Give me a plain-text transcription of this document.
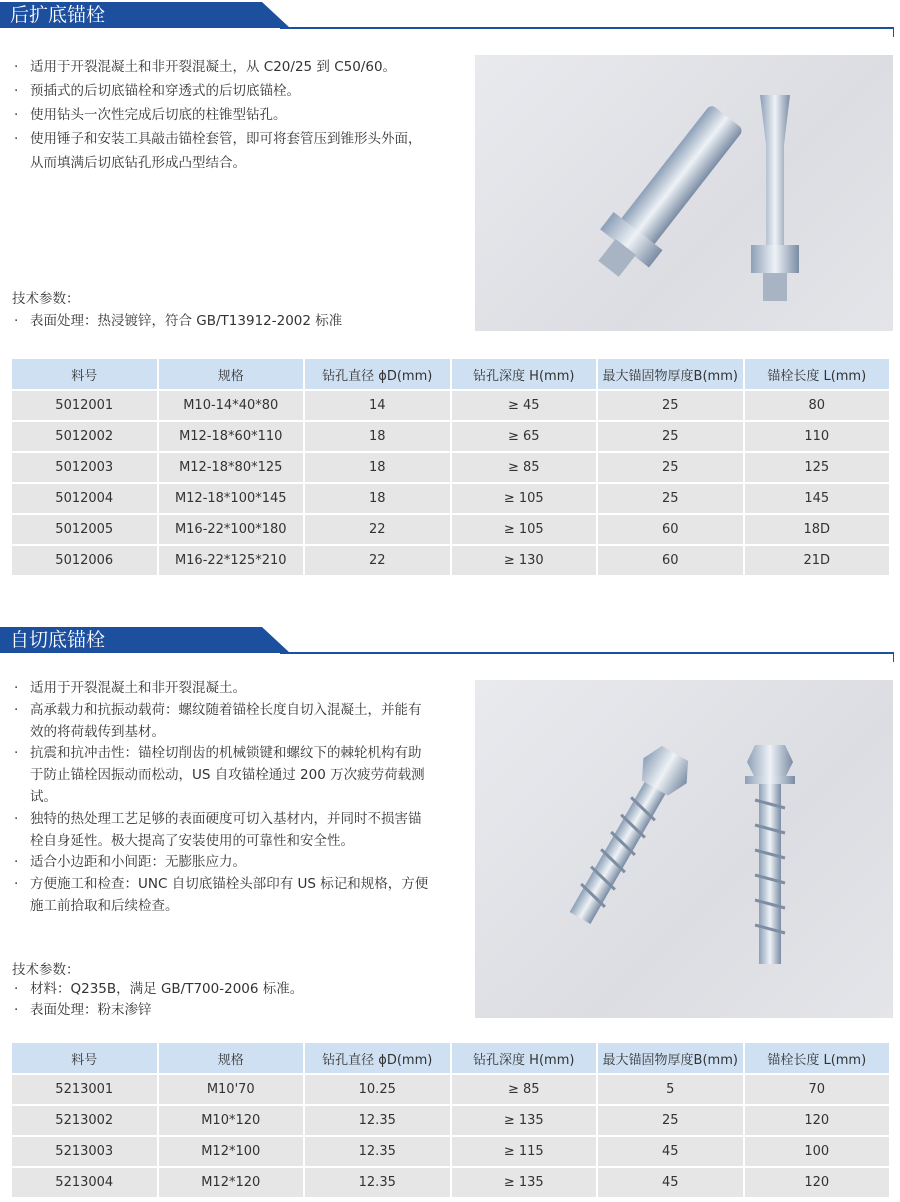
后扩底锚栓
· 适用于开裂混凝土和非开裂混凝土，从 C20/25 到 C50/60。
· 预插式的后切底锚栓和穿透式的后切底锚栓。
· 使用钻头一次性完成后切底的柱锥型钻孔。
· 使用锤子和安装工具敲击锚栓套管，即可将套管压到锥形头外面，从而填满后切底钻孔形成凸型结合。
技术参数：
· 表面处理：热浸镀锌，符合 GB/T13912-2002 标准
料号	规格	钻孔直径 ϕD(mm)	钻孔深度 H(mm)	最大锚固物厚度B(mm)	锚栓长度 L(mm)
5012001	M10-14*40*80	14	≥ 45	25	80
5012002	M12-18*60*110	18	≥ 65	25	110
5012003	M12-18*80*125	18	≥ 85	25	125
5012004	M12-18*100*145	18	≥ 105	25	145
5012005	M16-22*100*180	22	≥ 105	60	18D
5012006	M16-22*125*210	22	≥ 130	60	21D
自切底锚栓
· 适用于开裂混凝土和非开裂混凝土。
· 高承载力和抗振动载荷：螺纹随着锚栓长度自切入混凝土，并能有效的将荷载传到基材。
· 抗震和抗冲击性：锚栓切削齿的机械锁键和螺纹下的棘轮机构有助于防止锚栓因振动而松动，US 自攻锚栓通过 200 万次疲劳荷载测试。
· 独特的热处理工艺足够的表面硬度可切入基材内，并同时不损害锚栓自身延性。极大提高了安装使用的可靠性和安全性。
· 适合小边距和小间距：无膨胀应力。
· 方便施工和检查：UNC 自切底锚栓头部印有 US 标记和规格，方便施工前拾取和后续检查。
技术参数：
· 材料：Q235B，满足 GB/T700-2006 标准。
· 表面处理：粉末渗锌
料号	规格	钻孔直径 ϕD(mm)	钻孔深度 H(mm)	最大锚固物厚度B(mm)	锚栓长度 L(mm)
5213001	M10'70	10.25	≥ 85	5	70
5213002	M10*120	12.35	≥ 135	25	120
5213003	M12*100	12.35	≥ 115	45	100
5213004	M12*120	12.35	≥ 135	45	120
